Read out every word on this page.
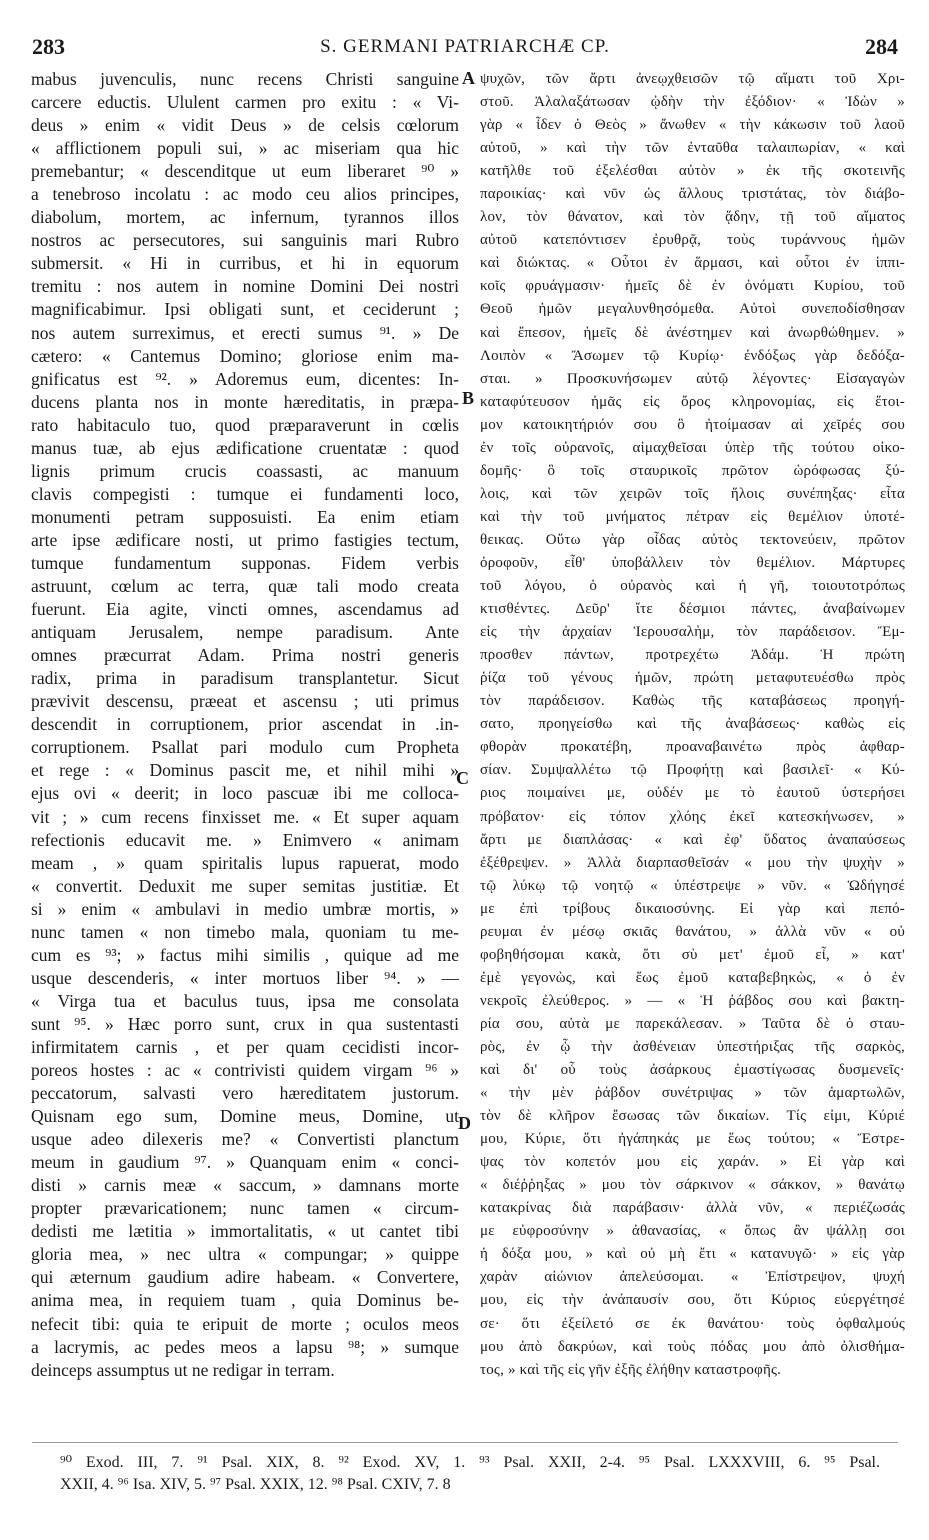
283	S. GERMANI PATRIARCHÆ CP.	284
mabus juvenculis, nunc recens Christi sanguine
carcere eductis. Ululent carmen pro exitu : « Vi-
deus » enim « vidit Deus » de celsis cœlorum
« afflictionem populi sui, » ac miseriam qua hic
premebantur; « descenditque ut eum liberaret ⁹⁰ »
a tenebroso incolatu : ac modo ceu alios principes,
diabolum, mortem, ac infernum, tyrannos illos
nostros ac persecutores, sui sanguinis mari Rubro
submersit. « Hi in curribus, et hi in equorum
tremitu : nos autem in nomine Domini Dei nostri
magnificabimur. Ipsi obligati sunt, et ceciderunt ;
nos autem surreximus, et erecti sumus ⁹¹. » De
cætero: « Cantemus Domino; gloriose enim ma-
gnificatus est ⁹². » Adoremus eum, dicentes: In-
ducens planta nos in monte hæreditatis, in præpa-
rato habitaculo tuo, quod præparaverunt in cœlis
manus tuæ, ab ejus ædificatione cruentatæ : quod
lignis primum crucis coassasti, ac manuum
clavis compegisti : tumque ei fundamenti loco,
monumenti petram supposuisti. Ea enim etiam
arte ipse ædificare nosti, ut primo fastigies tectum,
tumque fundamentum supponas. Fidem verbis
astruunt, cœlum ac terra, quæ tali modo creata
fuerunt. Eia agite, vincti omnes, ascendamus ad
antiquam Jerusalem, nempe paradisum. Ante
omnes præcurrat Adam. Prima nostri generis
radix, prima in paradisum transplantetur. Sicut
prævivit descensu, præeat et ascensu ; uti primus
descendit in corruptionem, prior ascendat in .in-
corruptionem. Psallat pari modulo cum Propheta
et rege : « Dominus pascit me, et nihil mihi »
ejus ovi « deerit; in loco pascuæ ibi me colloca-
vit ; » cum recens finxisset me. « Et super aquam
refectionis educavit me. » Enimvero « animam
meam , » quam spiritalis lupus rapuerat, modo
« convertit. Deduxit me super semitas justitiæ. Et
si » enim « ambulavi in medio umbræ mortis, »
nunc tamen « non timebo mala, quoniam tu me-
cum es ⁹³; » factus mihi similis , quique ad me
usque descenderis, « inter mortuos liber ⁹⁴. » —
« Virga tua et baculus tuus, ipsa me consolata
sunt ⁹⁵. » Hæc porro sunt, crux in qua sustentasti
infirmitatem carnis , et per quam cecidisti incor-
poreos hostes : ac « contrivisti quidem virgam ⁹⁶ »
peccatorum, salvasti vero hæreditatem justorum.
Quisnam ego sum, Domine meus, Domine, ut
usque adeo dilexeris me? « Convertisti planctum
meum in gaudium ⁹⁷. » Quanquam enim « conci-
disti » carnis meæ « saccum, » damnans morte
propter prævaricationem; nunc tamen « circum-
dedisti me lætitia » immortalitatis, « ut cantet tibi
gloria mea, » nec ultra « compungar; » quippe
qui æternum gaudium adire habeam. « Convertere,
anima mea, in requiem tuam , quia Dominus be-
nefecit tibi: quia te eripuit de morte ; oculos meos
a lacrymis, ac pedes meos a lapsu ⁹⁸; » sumque
deinceps assumptus ut ne redigar in terram.
ψυχῶν, τῶν ἄρτι ἀνεῳχθεισῶν τῷ αἵματι τοῦ Χρι-
στοῦ. Ἀλαλαξάτωσαν ᾠδὴν τὴν ἐξόδιον· « Ἰδὼν »
γὰρ « ἶδεν ὁ Θεὸς » ἄνωθεν « τὴν κάκωσιν τοῦ λαοῦ
αὐτοῦ, » καὶ τὴν τῶν ἐνταῦθα ταλαιπωρίαν, « καὶ
κατῆλθε τοῦ ἐξελέσθαι αὐτὸν » ἐκ τῆς σκοτεινῆς
παροικίας· καὶ νῦν ὡς ἄλλους τριστάτας, τὸν διάβο-
λον, τὸν θάνατον, καὶ τὸν ᾅδην, τῇ τοῦ αἵματος
αὐτοῦ κατεπόντισεν ἐρυθρᾷ, τοὺς τυράννους ἡμῶν
καὶ διώκτας. « Οὗτοι ἐν ἅρμασι, καὶ οὗτοι ἐν ἱππι-
κοῖς φρυάγμασιν· ἡμεῖς δὲ ἐν ὀνόματι Κυρίου, τοῦ
Θεοῦ ἡμῶν μεγαλυνθησόμεθα. Αὐτοὶ συνεποδίσθησαν
καὶ ἔπεσον, ἡμεῖς δὲ ἀνέστημεν καὶ ἀνωρθώθημεν. »
Λοιπὸν « Ἄσωμεν τῷ Κυρίῳ· ἐνδόξως γὰρ δεδόξα-
σται. » Προσκυνήσωμεν αὐτῷ λέγοντες· Εἰσαγαγὼν
καταφύτευσον ἡμᾶς εἰς ὄρος κληρονομίας, εἰς ἕτοι-
μον κατοικητήριόν σου ὃ ἡτοίμασαν αἱ χεῖρές σου
ἐν τοῖς οὐρανοῖς, αἱμαχθεῖσαι ὑπὲρ τῆς τούτου οἰκο-
δομῆς· ὃ τοῖς σταυρικοῖς πρῶτον ὡρόφωσας ξύ-
λοις, καὶ τῶν χειρῶν τοῖς ἥλοις συνέπηξας· εἶτα
καὶ τὴν τοῦ μνήματος πέτραν εἰς θεμέλιον ὑποτέ-
θεικας. Οὕτω γὰρ οἶδας αὐτὸς τεκτονεύειν, πρῶτον
ὀροφοῦν, εἶθ' ὑποβάλλειν τὸν θεμέλιον. Μάρτυρες
τοῦ λόγου, ὁ οὐρανὸς καὶ ἡ γῆ, τοιουτοτρόπως
κτισθέντες. Δεῦρ' ἴτε δέσμιοι πάντες, ἀναβαίνωμεν
εἰς τὴν ἀρχαίαν Ἱερουσαλὴμ, τὸν παράδεισον. Ἔμ-
προσθεν πάντων, προτρεχέτω Ἀδάμ. Ἡ πρώτη
ῥίζα τοῦ γένους ἡμῶν, πρώτη μεταφυτευέσθω πρὸς
τὸν παράδεισον. Καθὼς τῆς καταβάσεως προηγή-
σατο, προηγείσθω καὶ τῆς ἀναβάσεως· καθὼς εἰς
φθορὰν προκατέβη, προαναβαινέτω πρὸς ἀφθαρ-
σίαν. Συμψαλλέτω τῷ Προφήτῃ καὶ βασιλεῖ· « Κύ-
ριος ποιμαίνει με, οὐδέν με τὸ ἑαυτοῦ ὑστερήσει
πρόβατον· εἰς τόπον χλόης ἐκεῖ κατεσκήνωσεν, »
ἄρτι με διαπλάσας· « καὶ ἐφ' ὕδατος ἀναπαύσεως
ἐξέθρεψεν. » Ἀλλὰ διαρπασθεῖσάν « μου τὴν ψυχὴν »
τῷ λύκῳ τῷ νοητῷ « ὑπέστρεψε » νῦν. « Ὡδήγησέ
με ἐπὶ τρίβους δικαιοσύνης. Εἰ γὰρ καὶ πεπό-
ρευμαι ἐν μέσῳ σκιᾶς θανάτου, » ἀλλὰ νῦν « οὐ
φοβηθήσομαι κακὰ, ὅτι σὺ μετ' ἐμοῦ εἶ, » κατ'
ἐμὲ γεγονὼς, καὶ ἕως ἐμοῦ καταβεβηκὼς, « ὁ ἐν
νεκροῖς ἐλεύθερος. » — « Ἡ ῥάβδος σου καὶ βακτη-
ρία σου, αὐτὰ με παρεκάλεσαν. » Ταῦτα δὲ ὁ σταυ-
ρὸς, ἐν ᾧ τὴν ἀσθένειαν ὑπεστήριξας τῆς σαρκὸς,
καὶ δι' οὗ τοὺς ἀσάρκους ἐμαστίγωσας δυσμενεῖς·
« τὴν μὲν ῥάβδον συνέτριψας » τῶν ἁμαρτωλῶν,
τὸν δὲ κλῆρον ἔσωσας τῶν δικαίων. Τίς εἰμι, Κύριέ
μου, Κύριε, ὅτι ἠγάπηκάς με ἕως τούτου; « Ἔστρε-
ψας τὸν κοπετόν μου εἰς χαράν. » Εἰ γὰρ καὶ
« διέῤῥηξας » μου τὸν σάρκινον « σάκκον, » θανάτῳ
κατακρίνας διὰ παράβασιν· ἀλλὰ νῦν, « περιέζωσάς
με εὐφροσύνην » ἀθανασίας, « ὅπως ἂν ψάλλῃ σοι
ἡ δόξα μου, » καὶ οὐ μὴ ἔτι « κατανυγῶ· » εἰς γὰρ
χαρὰν αἰώνιον ἀπελεύσομαι. « Ἐπίστρεψον, ψυχή
μου, εἰς τὴν ἀνάπαυσίν σου, ὅτι Κύριος εὐεργέτησέ
σε· ὅτι ἐξείλετό σε ἐκ θανάτου· τοὺς ὀφθαλμούς
μου ἀπὸ δακρύων, καὶ τοὺς πόδας μου ἀπὸ ὀλισθήμα-
τος, » καὶ τῆς εἰς γῆν ἐξῆς ἐλήθην καταστροφῆς.
A
B
C
D
⁹⁰ Exod. III, 7. ⁹¹ Psal. XIX, 8. ⁹² Exod. XV, 1. ⁹³ Psal. XXII, 2-4. ⁹⁵ Psal. LXXXVIII, 6. ⁹⁵ Psal.
XXII, 4. ⁹⁶ Isa. XIV, 5. ⁹⁷ Psal. XXIX, 12. ⁹⁸ Psal. CXIV, 7. 8
